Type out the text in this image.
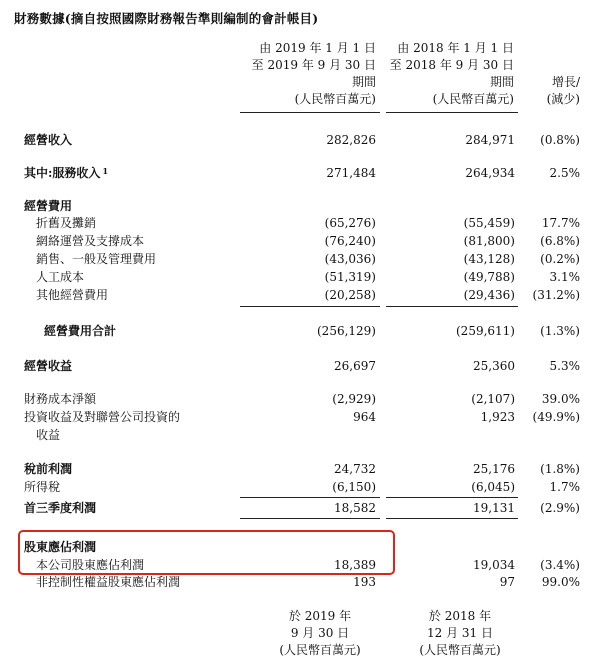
財務數據(摘自按照國際財務報告準則編制的會計帳目)
由 2019 年 1 月 1 日
至 2019 年 9 月 30 日
期間
(人民幣百萬元)
由 2018 年 1 月 1 日
至 2018 年 9 月 30 日
期間
(人民幣百萬元)
增長/
(減少)
經營收入	282,826	284,971 (0.8%)
其中:服務收入 $^1$	271,484	264,934	2.5%
經營費用
折舊及攤銷	(65,276)	(55,459) 17.7%
網絡運營及支撐成本	(76,240)	(81,800) (6.8%)
銷售、一般及管理費用	(43,036)	(43,128) (0.2%)
人工成本	(51,319)	(49,788)	3.1%
其他經營費用	(20,258)	(29,436) (31.2%)
經營費用合計	(256,129)	(259,611) (1.3%)
經營收益	26,697	25,360	5.3%
財務成本淨額	(2,929)	(2,107) 39.0%
投資收益及對聯營公司投資的	964	1,923 (49.9%)
收益
稅前利潤	24,732	25,176 (1.8%)
所得稅	(6,150)	(6,045)	1.7%
首三季度利潤	18,582	19,131 (2.9%)
股東應佔利潤
本公司股東應佔利潤	18,389	19,034 (3.4%)
非控制性權益股東應佔利潤	193	97 99.0%
於 2019 年
9 月 30 日
(人民幣百萬元)
於 2018 年
12 月 31 日
(人民幣百萬元)
